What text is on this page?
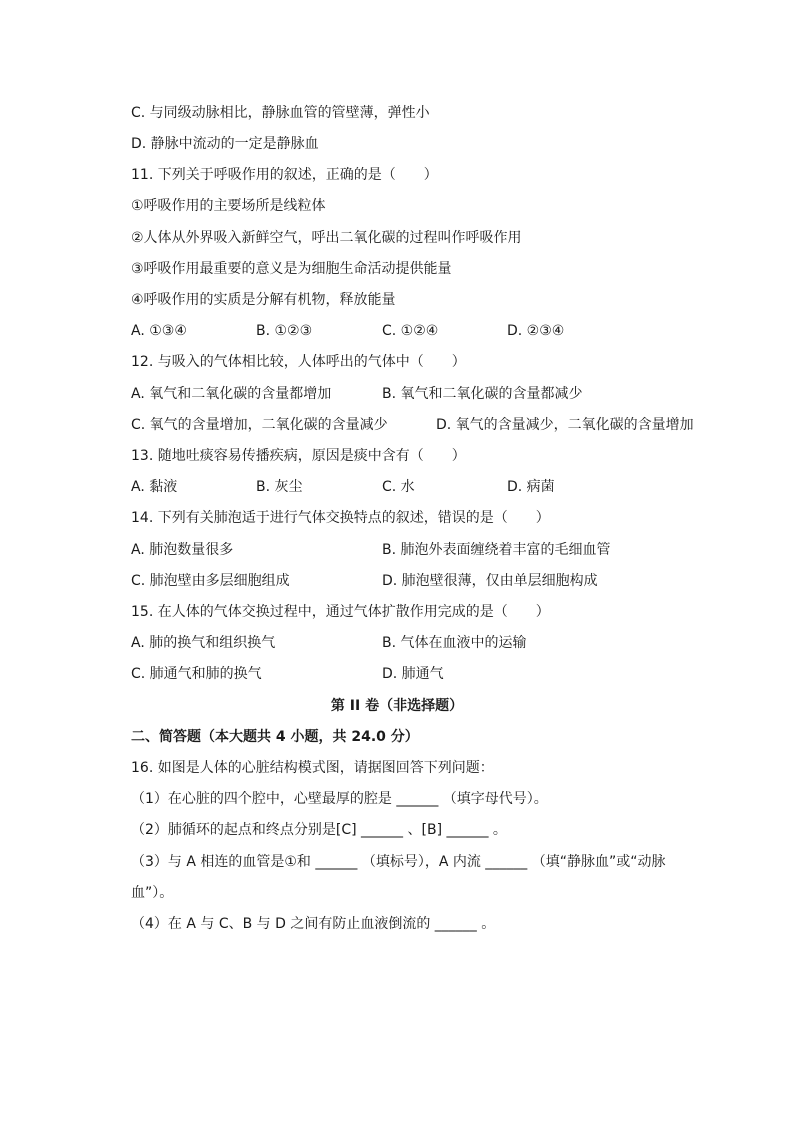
C. 与同级动脉相比，静脉血管的管壁薄，弹性小
D. 静脉中流动的一定是静脉血
11. 下列关于呼吸作用的叙述，正确的是（　　）
①呼吸作用的主要场所是线粒体
②人体从外界吸入新鲜空气，呼出二氧化碳的过程叫作呼吸作用
③呼吸作用最重要的意义是为细胞生命活动提供能量
④呼吸作用的实质是分解有机物，释放能量
A. ①③④	B. ①②③	C. ①②④	D. ②③④
12. 与吸入的气体相比较，人体呼出的气体中（　　）
A. 氧气和二氧化碳的含量都增加	B. 氧气和二氧化碳的含量都减少
C. 氧气的含量增加，二氧化碳的含量减少	D. 氧气的含量减少，二氧化碳的含量增加
13. 随地吐痰容易传播疾病，原因是痰中含有（　　）
A. 黏液	B. 灰尘	C. 水	D. 病菌
14. 下列有关肺泡适于进行气体交换特点的叙述，错误的是（　　）
A. 肺泡数量很多	B. 肺泡外表面缠绕着丰富的毛细血管
C. 肺泡壁由多层细胞组成	D. 肺泡壁很薄，仅由单层细胞构成
15. 在人体的气体交换过程中，通过气体扩散作用完成的是（　　）
A. 肺的换气和组织换气	B. 气体在血液中的运输
C. 肺通气和肺的换气	D. 肺通气
第 II 卷（非选择题）
二、简答题（本大题共 4 小题，共 24.0 分）
16. 如图是人体的心脏结构模式图，请据图回答下列问题：
（1）在心脏的四个腔中，心壁最厚的腔是 ______ （填字母代号）。
（2）肺循环的起点和终点分别是[C] ______ 、[B] ______ 。
（3）与 A 相连的血管是①和 ______ （填标号），A 内流 ______ （填“静脉血”或“动脉
血”）。
（4）在 A 与 C、B 与 D 之间有防止血液倒流的 ______ 。
